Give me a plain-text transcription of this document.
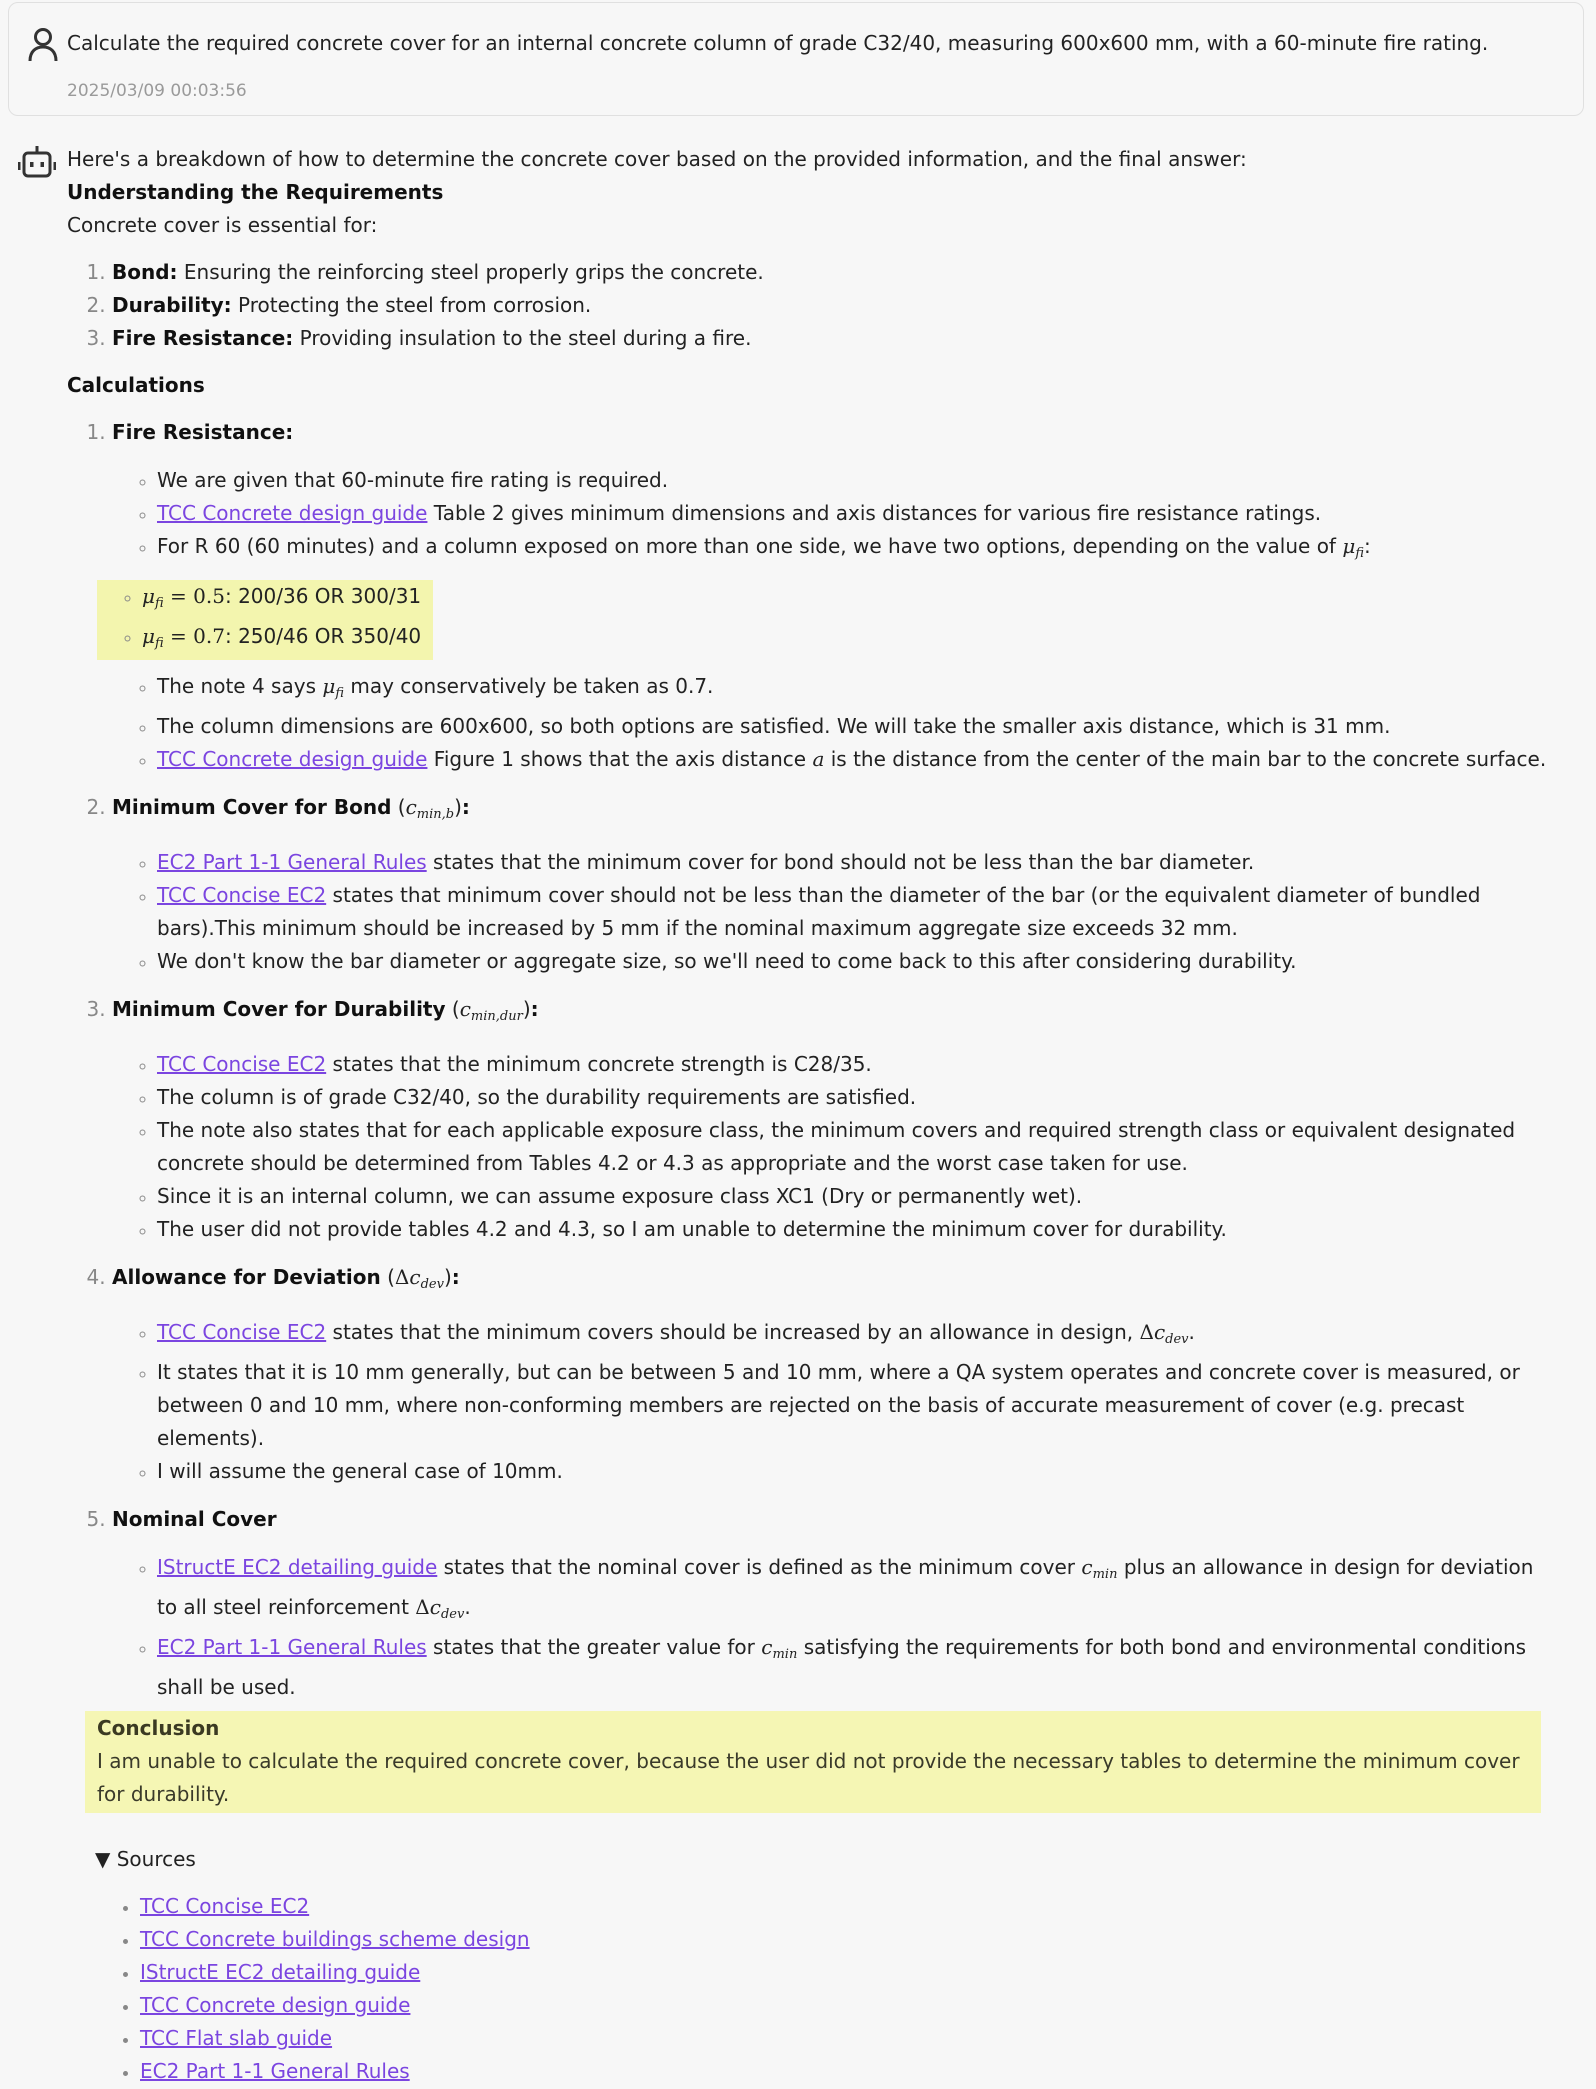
Calculate the required concrete cover for an internal concrete column of grade C32/40, measuring 600x600 mm, with a 60-minute fire rating.
2025/03/09 00:03:56

Here's a breakdown of how to determine the concrete cover based on the provided information, and the final answer:

Understanding the Requirements

Concrete cover is essential for:

1. Bond: Ensuring the reinforcing steel properly grips the concrete.
2. Durability: Protecting the steel from corrosion.
3. Fire Resistance: Providing insulation to the steel during a fire.

Calculations

1. Fire Resistance:
◦ We are given that 60-minute fire rating is required.
◦ TCC Concrete design guide Table 2 gives minimum dimensions and axis distances for various fire resistance ratings.
◦ For R 60 (60 minutes) and a column exposed on more than one side, we have two options, depending on the value of $\mu_{fi}$:
◦ $\mu_{fi} = 0.5$: 200/36 OR 300/31
◦ $\mu_{fi} = 0.7$: 250/46 OR 350/40
◦ The note 4 says $\mu_{fi}$ may conservatively be taken as 0.7.
◦ The column dimensions are 600x600, so both options are satisfied. We will take the smaller axis distance, which is 31 mm.
◦ TCC Concrete design guide Figure 1 shows that the axis distance a is the distance from the center of the main bar to the concrete surface.
2. Minimum Cover for Bond $(c_{min,b})$:
◦ EC2 Part 1-1 General Rules states that the minimum cover for bond should not be less than the bar diameter.
◦ TCC Concise EC2 states that minimum cover should not be less than the diameter of the bar (or the equivalent diameter of bundled bars).This minimum should be increased by 5 mm if the nominal maximum aggregate size exceeds 32 mm.
◦ We don't know the bar diameter or aggregate size, so we'll need to come back to this after considering durability.
3. Minimum Cover for Durability $(c_{min,dur})$:
◦ TCC Concise EC2 states that the minimum concrete strength is C28/35.
◦ The column is of grade C32/40, so the durability requirements are satisfied.
◦ The note also states that for each applicable exposure class, the minimum covers and required strength class or equivalent designated concrete should be determined from Tables 4.2 or 4.3 as appropriate and the worst case taken for use.
◦ Since it is an internal column, we can assume exposure class XC1 (Dry or permanently wet).
◦ The user did not provide tables 4.2 and 4.3, so I am unable to determine the minimum cover for durability.
4. Allowance for Deviation $(\Delta c_{dev})$:
◦ TCC Concise EC2 states that the minimum covers should be increased by an allowance in design, $\Delta c_{dev}$.
◦ It states that it is 10 mm generally, but can be between 5 and 10 mm, where a QA system operates and concrete cover is measured, or between 0 and 10 mm, where non-conforming members are rejected on the basis of accurate measurement of cover (e.g. precast elements).
◦ I will assume the general case of 10mm.
5. Nominal Cover
◦ IStructE EC2 detailing guide states that the nominal cover is defined as the minimum cover $c_{min}$ plus an allowance in design for deviation to all steel reinforcement $\Delta c_{dev}$.
◦ EC2 Part 1-1 General Rules states that the greater value for $c_{min}$ satisfying the requirements for both bond and environmental conditions shall be used.
Conclusion
I am unable to calculate the required concrete cover, because the user did not provide the necessary tables to determine the minimum cover for durability.
▼ Sources
• TCC Concise EC2
• TCC Concrete buildings scheme design
• IStructE EC2 detailing guide
• TCC Concrete design guide
• TCC Flat slab guide
• EC2 Part 1-1 General Rules
